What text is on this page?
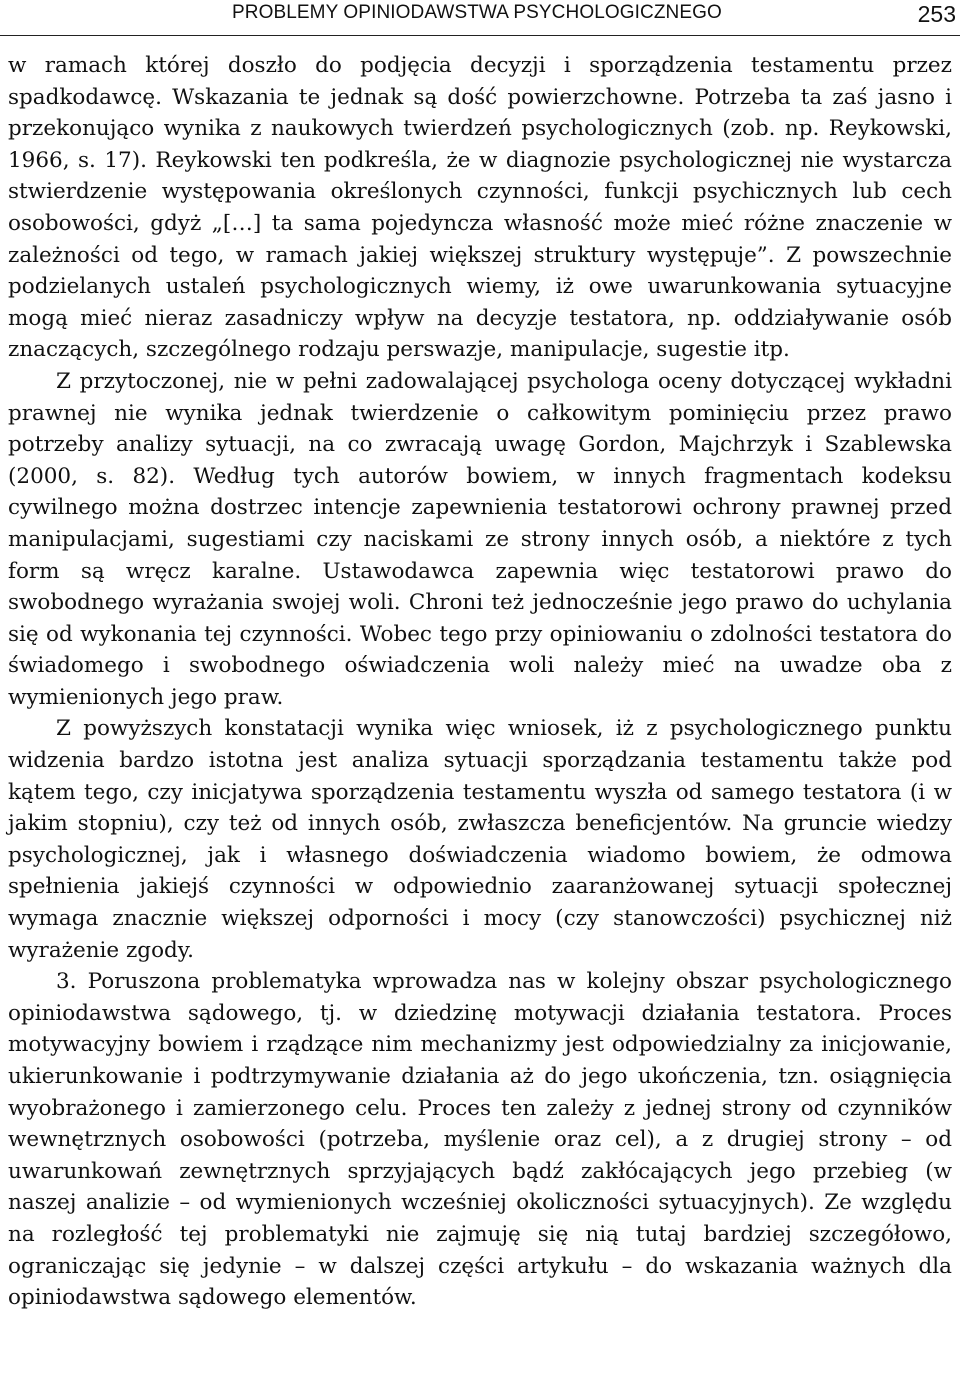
PROBLEMY OPINIODAWSTWA PSYCHOLOGICZNEGO	253

w ramach której doszło do podjęcia decyzji i sporządzenia testamentu przez spadkodawcę. Wskazania te jednak są dość powierzchowne. Potrzeba ta zaś jasno i przekonująco wynika z naukowych twierdzeń psychologicznych (zob. np. Reykowski, 1966, s. 17). Reykowski ten podkreśla, że w diagnozie psychologicznej nie wystarcza stwierdzenie występowania określonych czynności, funkcji psychicznych lub cech osobowości, gdyż „[…] ta sama pojedyncza własność może mieć różne znaczenie w zależności od tego, w ramach jakiej większej struktury występuje”. Z powszechnie podzielanych ustaleń psychologicznych wiemy, iż owe uwarunkowania sytuacyjne mogą mieć nieraz zasadniczy wpływ na decyzje testatora, np. oddziaływanie osób znaczących, szczególnego rodzaju perswazje, manipulacje, sugestie itp.

Z przytoczonej, nie w pełni zadowalającej psychologa oceny dotyczącej wykładni prawnej nie wynika jednak twierdzenie o całkowitym pominięciu przez prawo potrzeby analizy sytuacji, na co zwracają uwagę Gordon, Majchrzyk i Szablewska (2000, s. 82). Według tych autorów bowiem, w innych fragmentach kodeksu cywilnego można dostrzec intencje zapewnienia testatorowi ochrony prawnej przed manipulacjami, sugestiami czy naciskami ze strony innych osób, a niektóre z tych form są wręcz karalne. Ustawodawca zapewnia więc testatorowi prawo do swobodnego wyrażania swojej woli. Chroni też jednocześnie jego prawo do uchylania się od wykonania tej czynności. Wobec tego przy opiniowaniu o zdolności testatora do świadomego i swobodnego oświadczenia woli należy mieć na uwadze oba z wymienionych jego praw.

Z powyższych konstatacji wynika więc wniosek, iż z psychologicznego punktu widzenia bardzo istotna jest analiza sytuacji sporządzania testamentu także pod kątem tego, czy inicjatywa sporządzenia testamentu wyszła od samego testatora (i w jakim stopniu), czy też od innych osób, zwłaszcza beneficjentów. Na gruncie wiedzy psychologicznej, jak i własnego doświadczenia wiadomo bowiem, że odmowa spełnienia jakiejś czynności w odpowiednio zaaranżowanej sytuacji społecznej wymaga znacznie większej odporności i mocy (czy stanowczości) psychicznej niż wyrażenie zgody.

3. Poruszona problematyka wprowadza nas w kolejny obszar psychologicznego opiniodawstwa sądowego, tj. w dziedzinę motywacji działania testatora. Proces motywacyjny bowiem i rządzące nim mechanizmy jest odpowiedzialny za inicjowanie, ukierunkowanie i podtrzymywanie działania aż do jego ukończenia, tzn. osiągnięcia wyobrażonego i zamierzonego celu. Proces ten zależy z jednej strony od czynników wewnętrznych osobowości (potrzeba, myślenie oraz cel), a z drugiej strony – od uwarunkowań zewnętrznych sprzyjających bądź zakłócających jego przebieg (w naszej analizie – od wymienionych wcześniej okoliczności sytuacyjnych). Ze względu na rozległość tej problematyki nie zajmuję się nią tutaj bardziej szczegółowo, ograniczając się jedynie – w dalszej części artykułu – do wskazania ważnych dla opiniodawstwa sądowego elementów.
